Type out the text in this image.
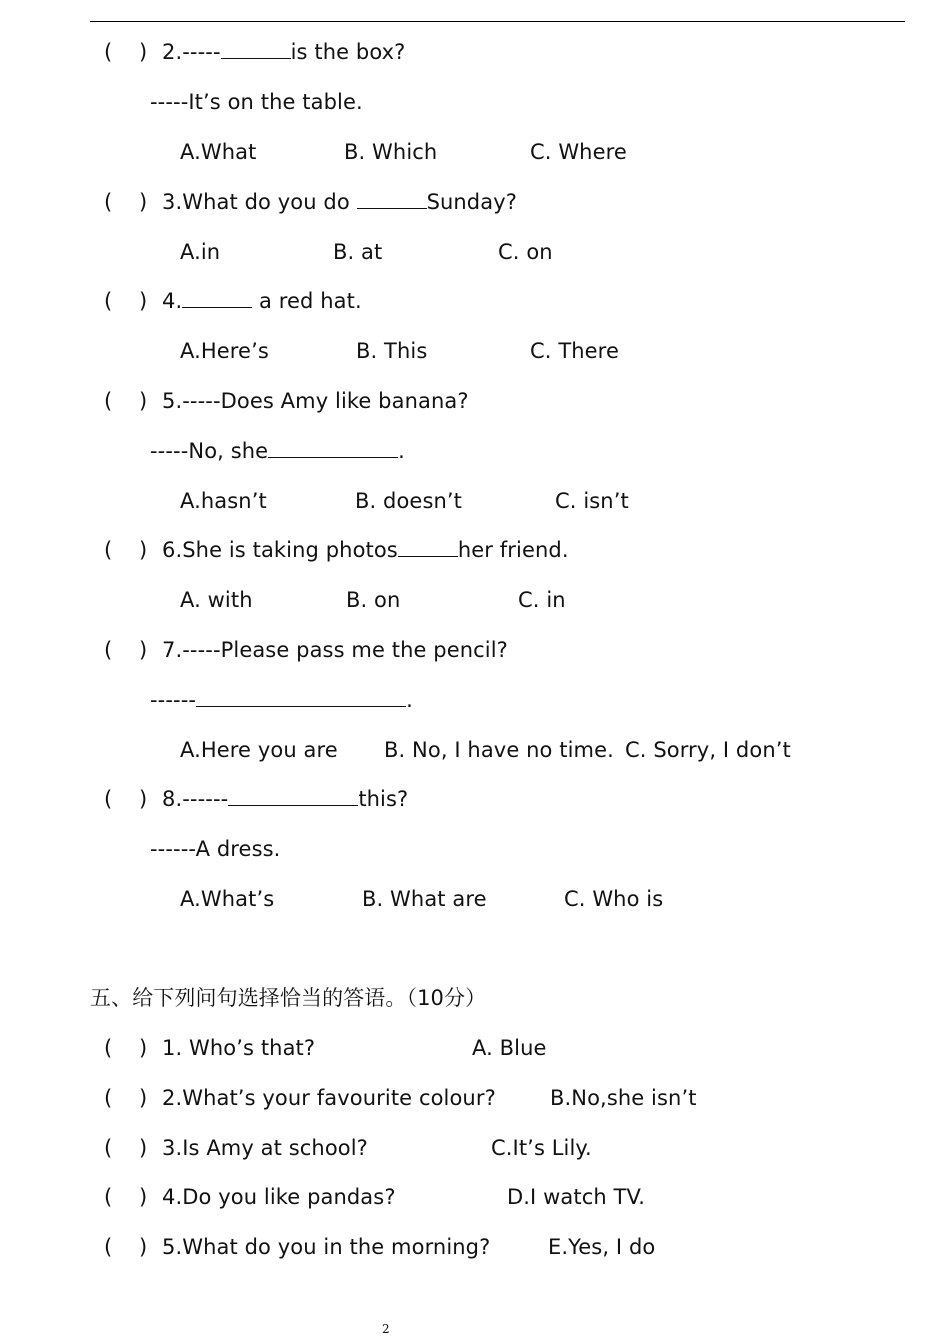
( ) 2.-----	is the box?
-----It’s on the table.
A.What	B. Which	C. Where
( ) 3.What do you do	Sunday?
A.in	B. at	C. on
( ) 4.	a red hat.
A.Here’s	B. This	C. There
( ) 5.-----Does Amy like banana?
-----No, she	.
A.hasn’t	B. doesn’t	C. isn’t
( ) 6.She is taking photos	her friend.
A. with	B. on	C. in
( ) 7.-----Please pass me the pencil?
------	.
A.Here you are B. No, I have no time. C. Sorry, I don’t
( ) 8.------	this?
------A dress.
A.What’s	B. What are	C. Who is
五、给下列问句选择恰当的答语。（10分）
( ) 1. Who’s that?	A. Blue
( ) 2.What’s your favourite colour?	B.No,she isn’t
( ) 3.Is Amy at school?	C.It’s Lily.
( ) 4.Do you like pandas?	D.I watch TV.
( ) 5.What do you in the morning?	E.Yes, I do
2
